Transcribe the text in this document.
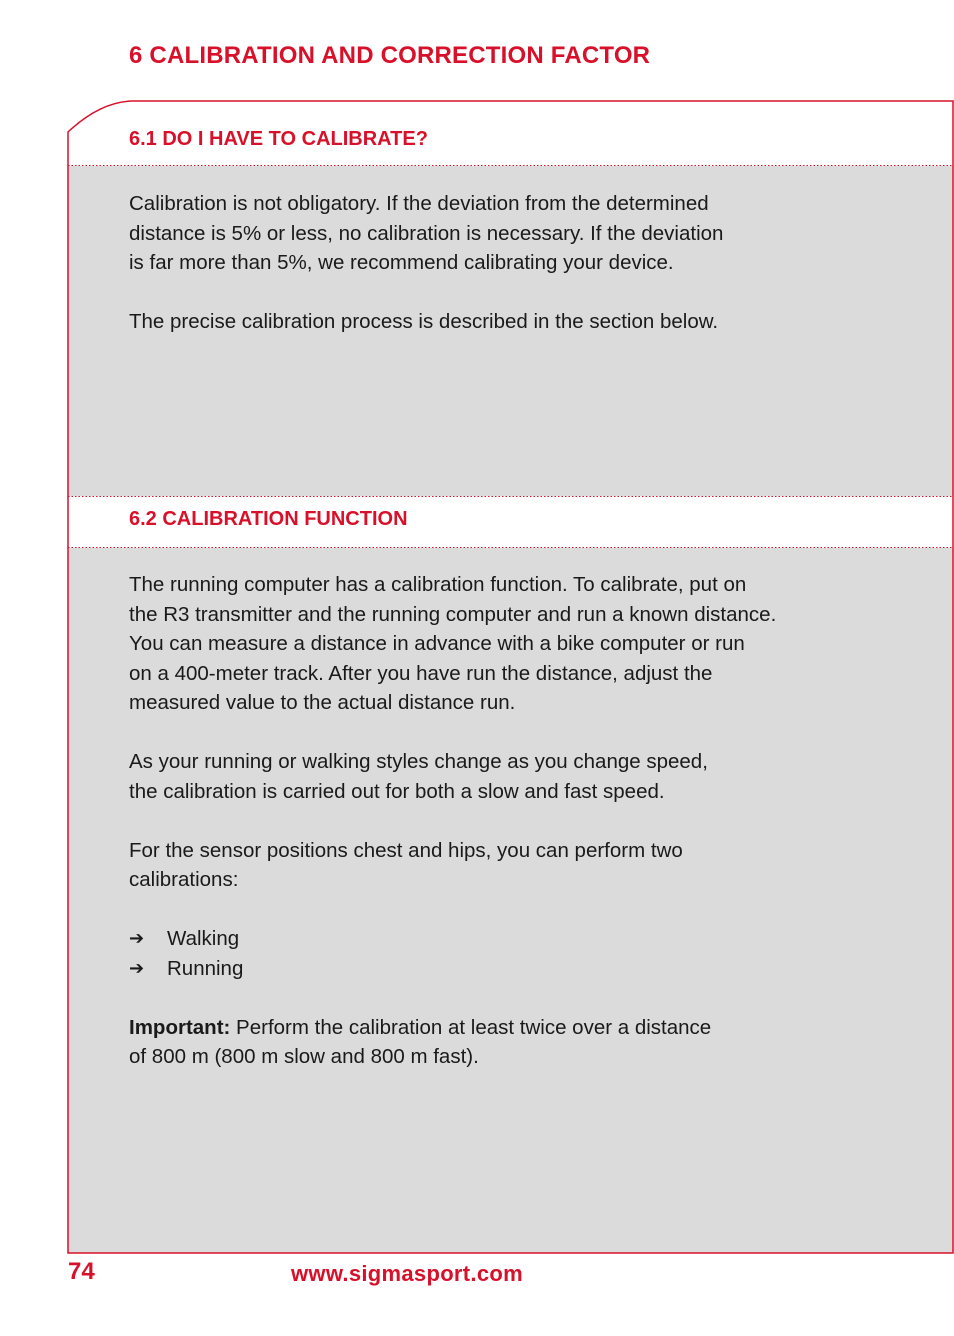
6 CALIBRATION AND CORRECTION FACTOR
6.1 DO I HAVE TO CALIBRATE?

Calibration is not obligatory. If the deviation from the determined

distance is 5% or less, no calibration is necessary. If the deviation

is far more than 5%, we recommend calibrating your device.

The precise calibration process is described in the section below.

6.2 CALIBRATION FUNCTION

The running computer has a calibration function. To calibrate, put on

the R3 transmitter and the running computer and run a known distance.

You can measure a distance in advance with a bike computer or run

on a 400-meter track. After you have run the distance, adjust the

measured value to the actual distance run.

As your running or walking styles change as you change speed,

the calibration is carried out for both a slow and fast speed.

For the sensor positions chest and hips, you can perform two

calibrations:

➔	Walking
➔	Running

Important: Perform the calibration at least twice over a distance

of 800 m (800 m slow and 800 m fast).

74	www.sigmasport.com
